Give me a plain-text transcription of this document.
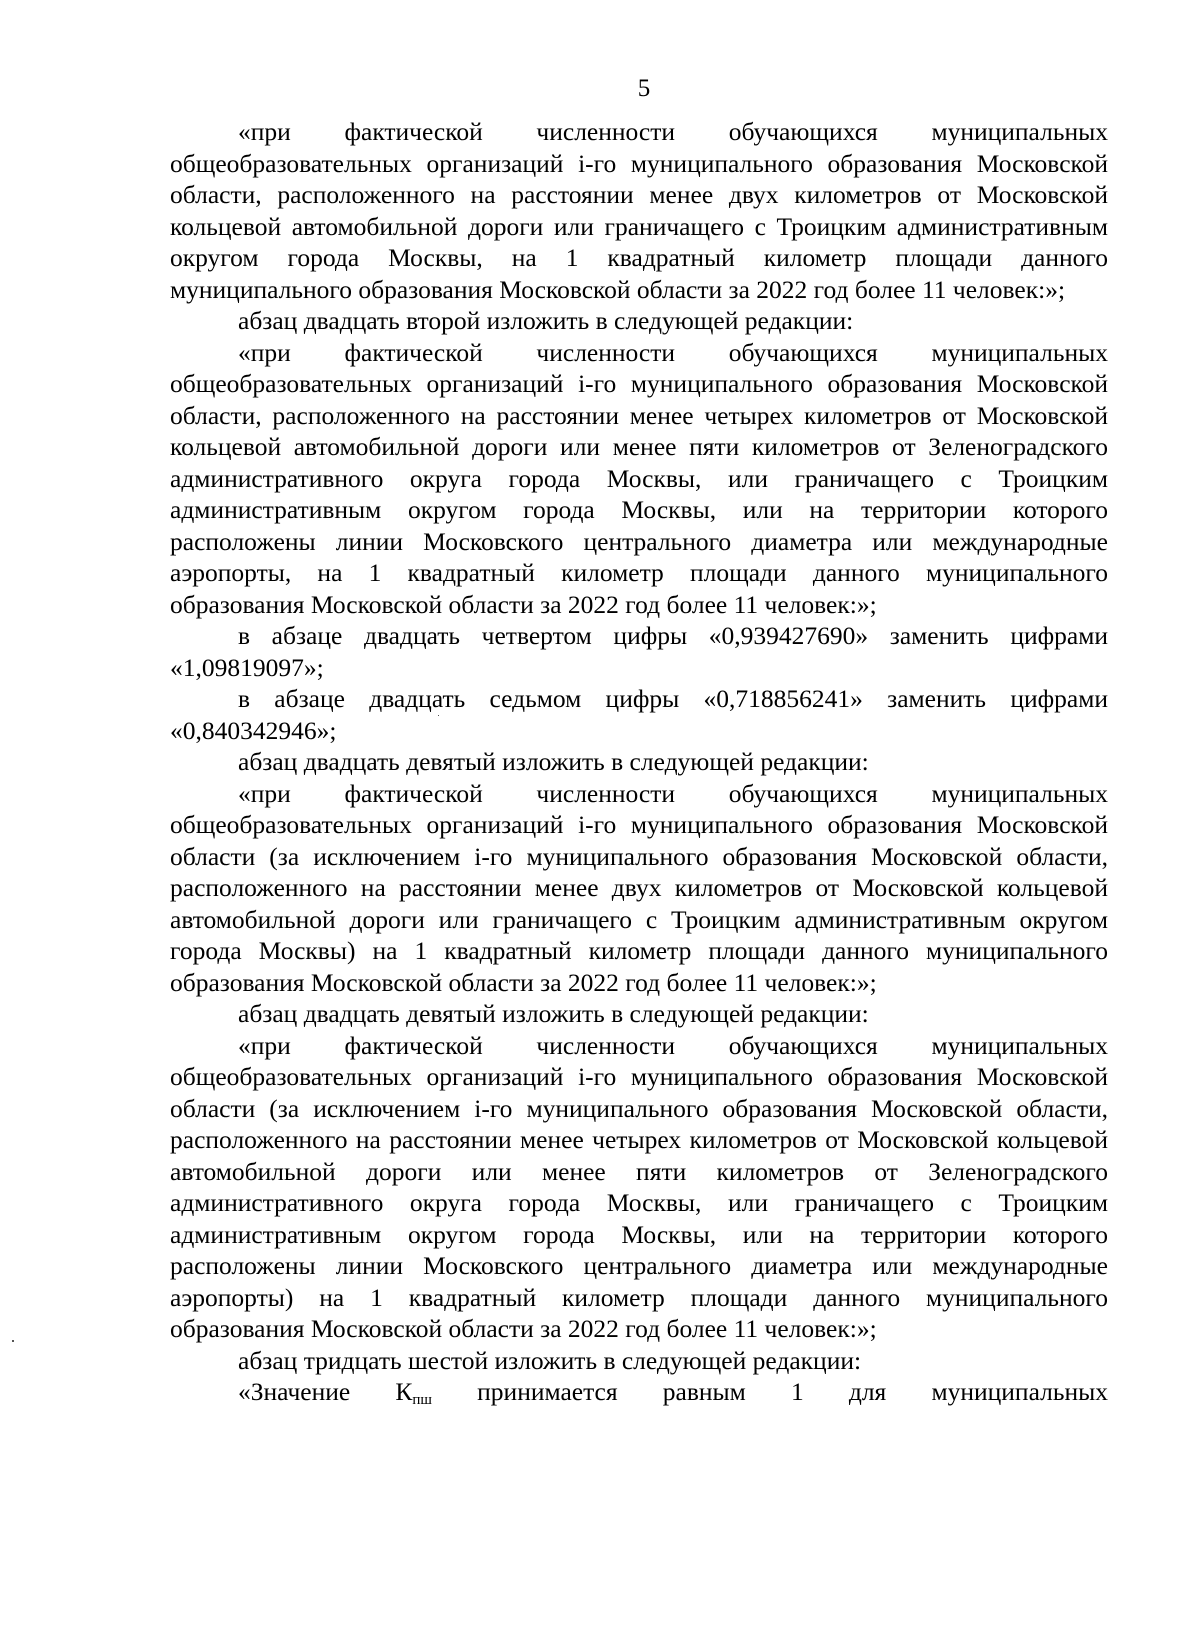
5

«при фактической численности обучающихся муниципальных общеобразовательных организаций i-го муниципального образования Московской области, расположенного на расстоянии менее двух километров от Московской кольцевой автомобильной дороги или граничащего с Троицким административным округом города Москвы, на 1 квадратный километр площади данного муниципального образования Московской области за 2022 год более 11 человек:»;

абзац двадцать второй изложить в следующей редакции:

«при фактической численности обучающихся муниципальных общеобразовательных организаций i-го муниципального образования Московской области, расположенного на расстоянии менее четырех километров от Московской кольцевой автомобильной дороги или менее пяти километров от Зеленоградского административного округа города Москвы, или граничащего с Троицким административным округом города Москвы, или на территории которого расположены линии Московского центрального диаметра или международные аэропорты, на 1 квадратный километр площади данного муниципального образования Московской области за 2022 год более 11 человек:»;

в абзаце двадцать четвертом цифры «0,939427690» заменить цифрами «1,09819097»;

в абзаце двадцать седьмом цифры «0,718856241» заменить цифрами «0,840342946»;

абзац двадцать девятый изложить в следующей редакции:

«при фактической численности обучающихся муниципальных общеобразовательных организаций i-го муниципального образования Московской области (за исключением i-го муниципального образования Московской области, расположенного на расстоянии менее двух километров от Московской кольцевой автомобильной дороги или граничащего с Троицким административным округом города Москвы) на 1 квадратный километр площади данного муниципального образования Московской области за 2022 год более 11 человек:»;

абзац двадцать девятый изложить в следующей редакции:

«при фактической численности обучающихся муниципальных общеобразовательных организаций i-го муниципального образования Московской области (за исключением i-го муниципального образования Московской области, расположенного на расстоянии менее четырех километров от Московской кольцевой автомобильной дороги или менее пяти километров от Зеленоградского административного округа города Москвы, или граничащего с Троицким административным округом города Москвы, или на территории которого расположены линии Московского центрального диаметра или международные аэропорты) на 1 квадратный километр площади данного муниципального образования Московской области за 2022 год более 11 человек:»;

абзац тридцать шестой изложить в следующей редакции:

«Значение $К_{пш}$ принимается равным 1 для муниципальных
